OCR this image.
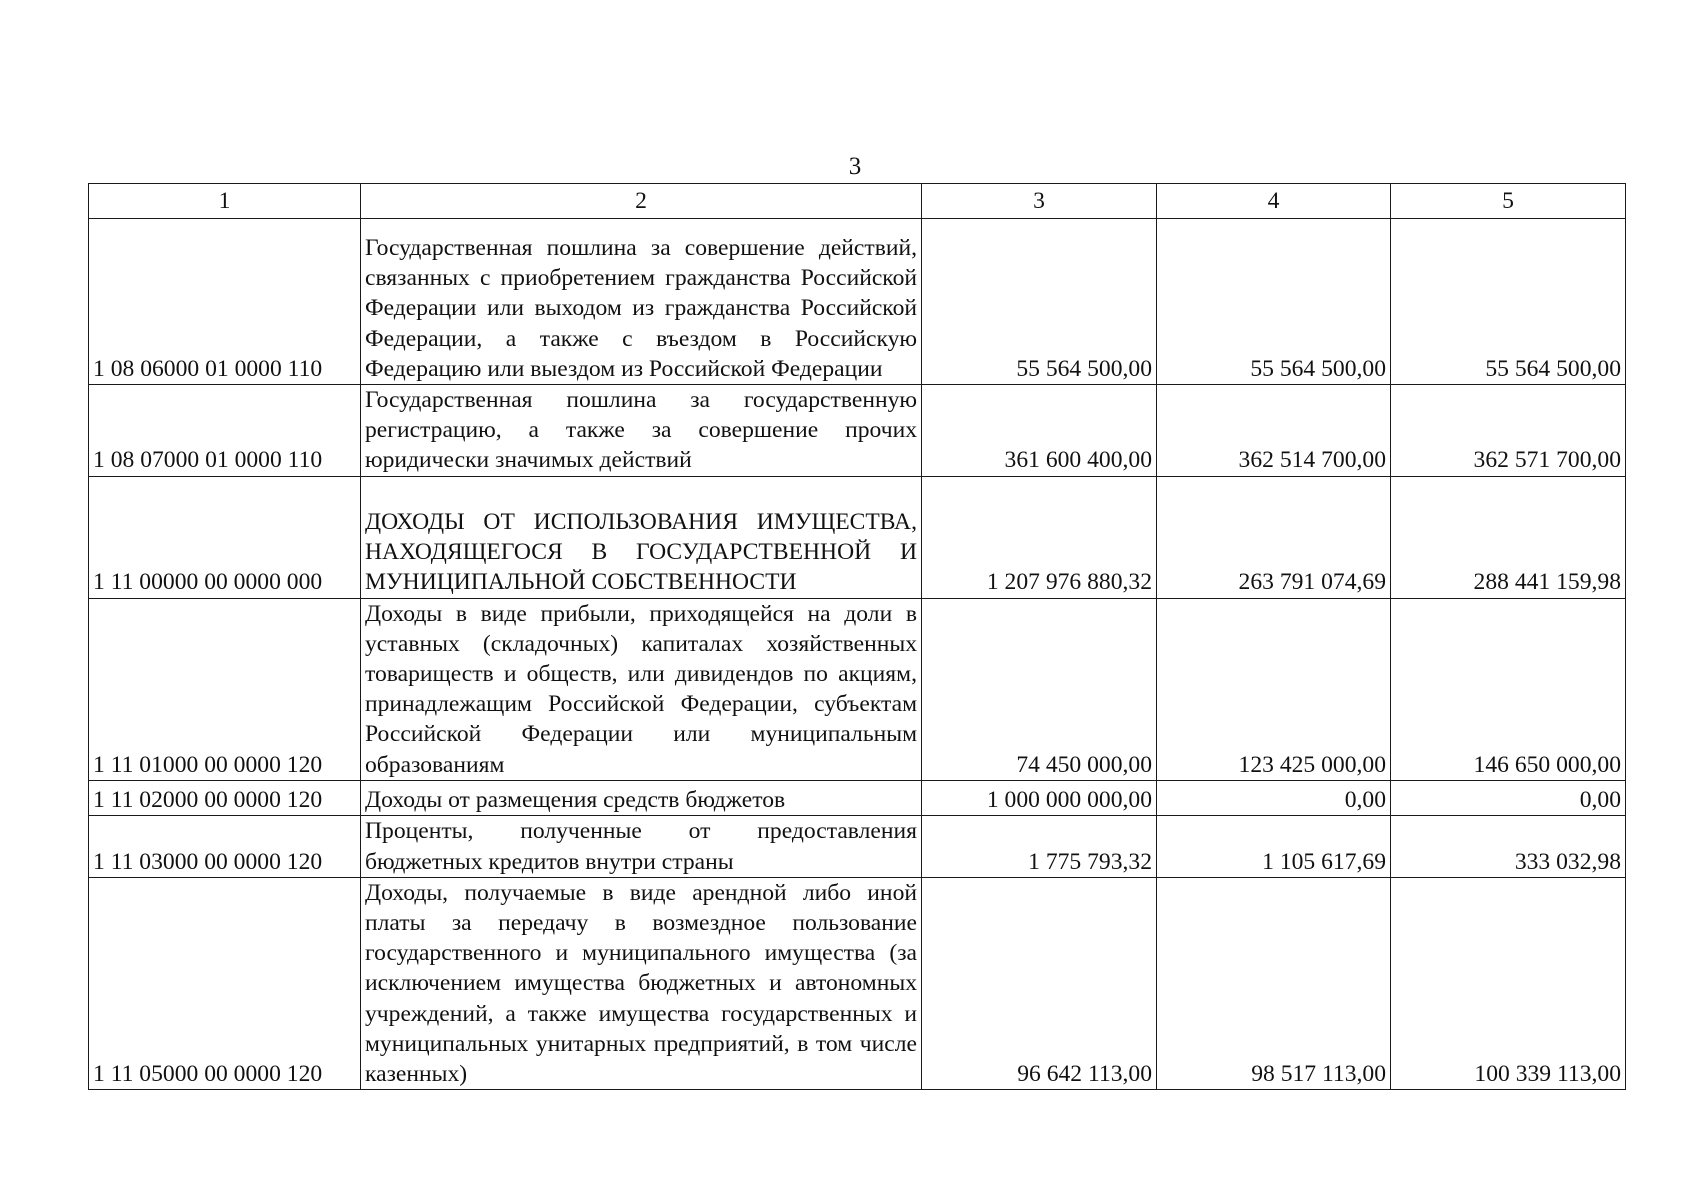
3
1	2	3	4	5
1 08 06000 01 0000 110	Государственная пошлина за совершение действий, связанных с приобретением гражданства Российской Федерации или выходом из гражданства Российской Федерации, а также с въездом в Российскую Федерацию или выездом из Российской Федерации	55 564 500,00	55 564 500,00	55 564 500,00
1 08 07000 01 0000 110	Государственная пошлина за государственную регистрацию, а также за совершение прочих юридически значимых действий	361 600 400,00	362 514 700,00	362 571 700,00
1 11 00000 00 0000 000	ДОХОДЫ ОТ ИСПОЛЬЗОВАНИЯ ИМУЩЕСТВА, НАХОДЯЩЕГОСЯ В ГОСУДАРСТВЕННОЙ И МУНИЦИПАЛЬНОЙ СОБСТВЕННОСТИ	1 207 976 880,32	263 791 074,69	288 441 159,98
1 11 01000 00 0000 120	Доходы в виде прибыли, приходящейся на доли в уставных (складочных) капиталах хозяйственных товариществ и обществ, или дивидендов по акциям, принадлежащим Российской Федерации, субъектам Российской Федерации или муниципальным образованиям	74 450 000,00	123 425 000,00	146 650 000,00
1 11 02000 00 0000 120	Доходы от размещения средств бюджетов	1 000 000 000,00	0,00	0,00
1 11 03000 00 0000 120	Проценты, полученные от предоставления бюджетных кредитов внутри страны	1 775 793,32	1 105 617,69	333 032,98
1 11 05000 00 0000 120	Доходы, получаемые в виде арендной либо иной платы за передачу в возмездное пользование государственного и муниципального имущества (за исключением имущества бюджетных и автономных учреждений, а также имущества государственных и муниципальных унитарных предприятий, в том числе казенных)	96 642 113,00	98 517 113,00	100 339 113,00
